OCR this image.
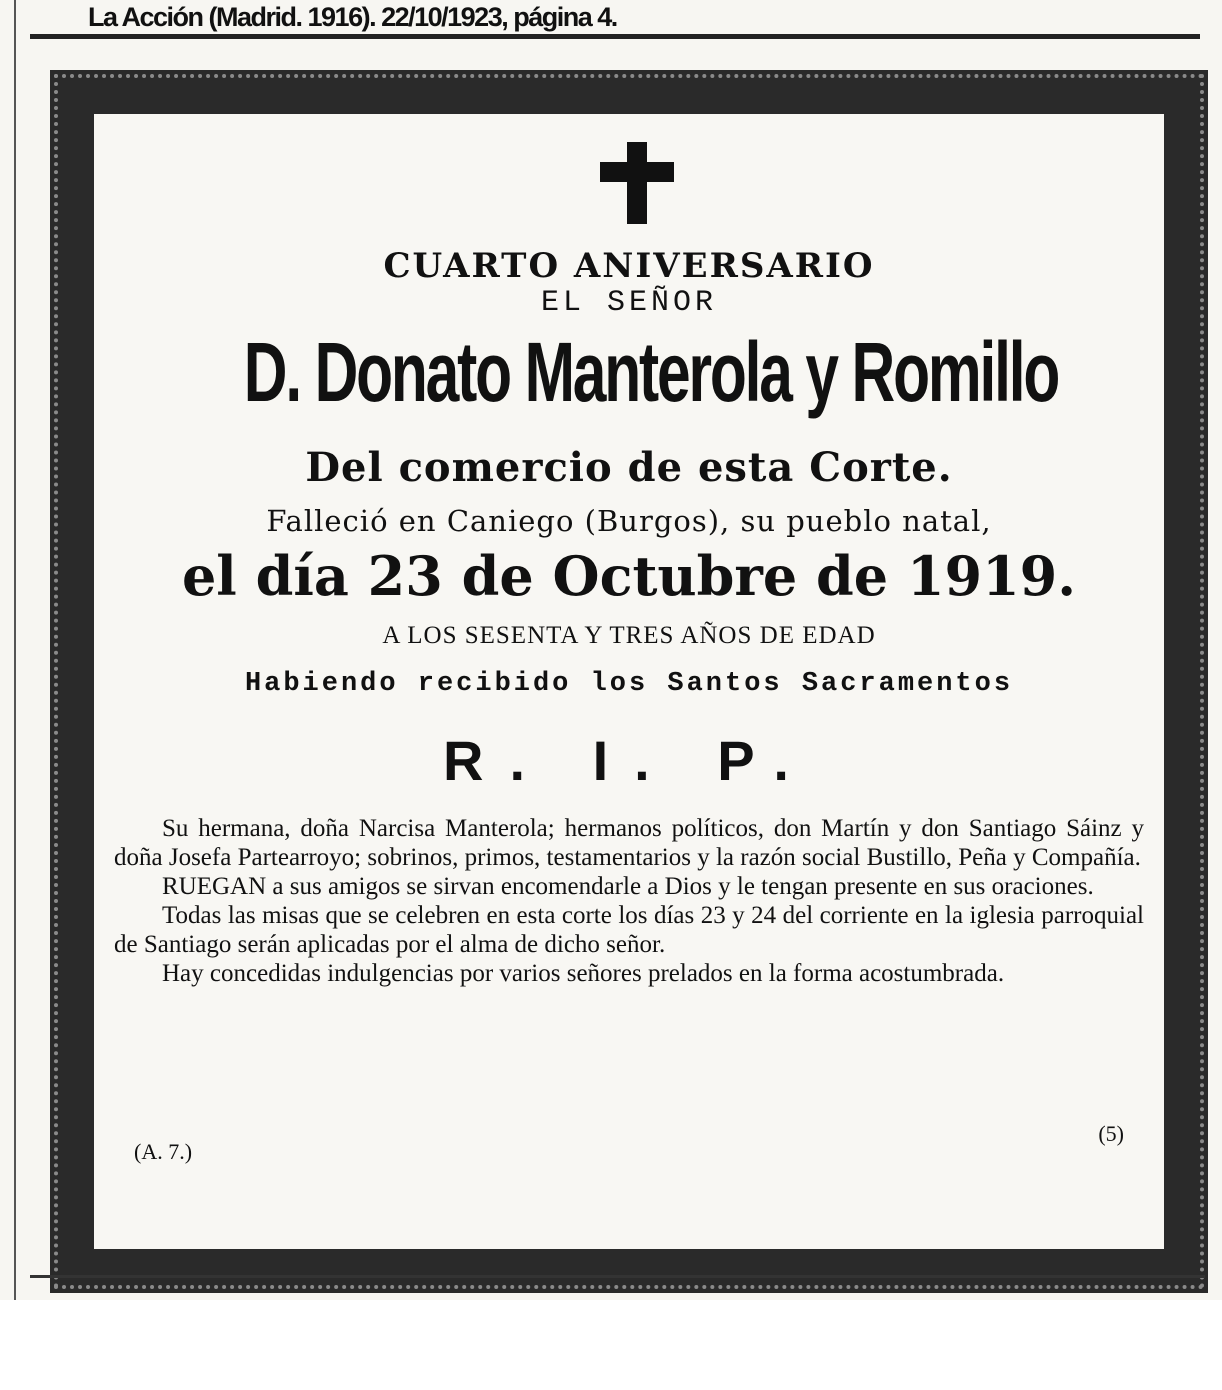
La Acción (Madrid. 1916). 22/10/1923, página 4.
CUARTO ANIVERSARIO
EL SEÑOR
D. Donato Manterola y Romillo
Del comercio de esta Corte.
Falleció en Caniego (Burgos), su pueblo natal,
el día 23 de Octubre de 1919.
A LOS SESENTA Y TRES AÑOS DE EDAD
Habiendo recibido los Santos Sacramentos
R. I. P.

Su hermana, doña Narcisa Manterola; hermanos políticos, don Martín y don Santiago Sáinz y doña Josefa Partearroyo; sobrinos, primos, testamentarios y la razón social Bustillo, Peña y Compañía.

RUEGAN a sus amigos se sirvan encomendarle a Dios y le tengan presente en sus oraciones.

Todas las misas que se celebren en esta corte los días 23 y 24 del corriente en la iglesia parroquial de Santiago serán aplicadas por el alma de dicho señor.

Hay concedidas indulgencias por varios señores prelados en la forma acostumbrada.

(A. 7.)
(5)
